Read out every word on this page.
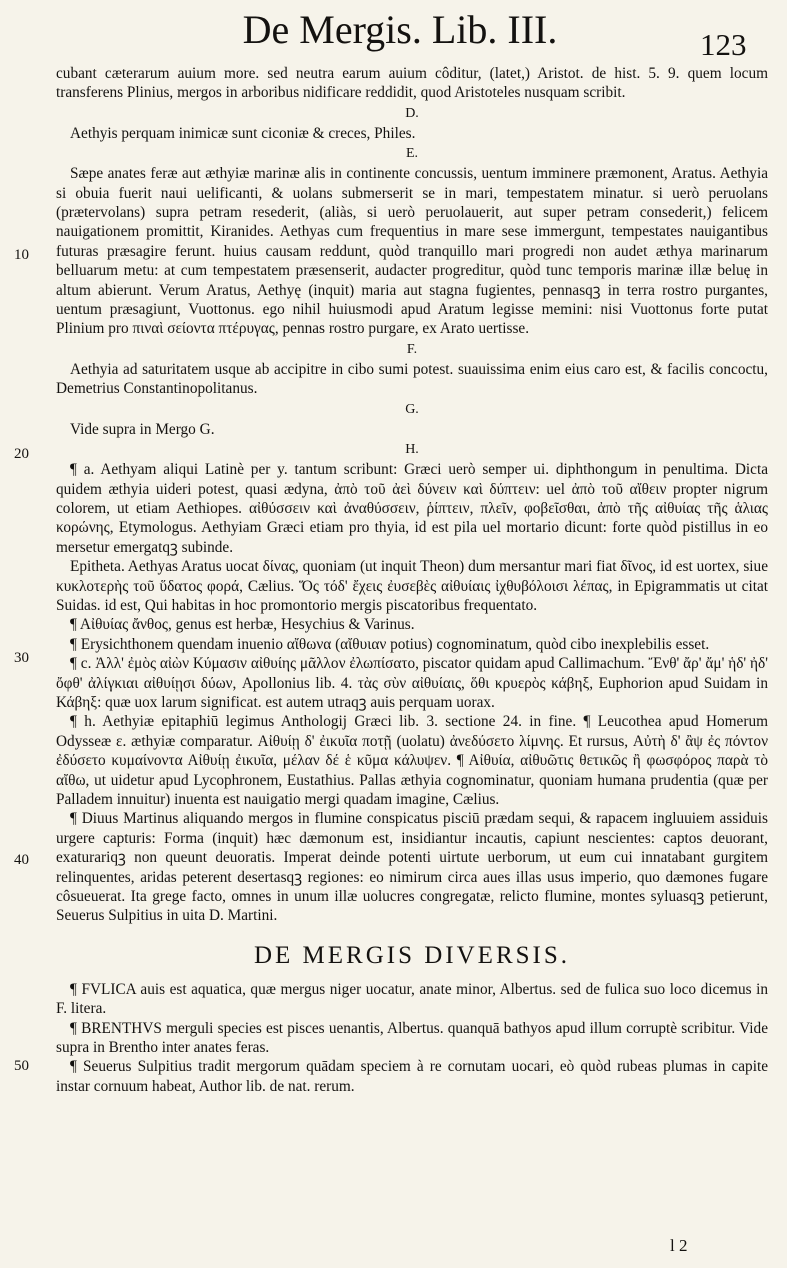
De Mergis. Lib. III.	123
10
20
30
40
50

cubant cæterarum auium more. sed neutra earum auium côditur, (latet,) Aristot. de hist. 5. 9. quem locum transferens Plinius, mergos in arboribus nidificare reddidit, quod Aristoteles nusquam scribit.

D.

Aethyis perquam inimicæ sunt ciconiæ & creces, Philes.

E.

Sæpe anates feræ aut æthyiæ marinæ alis in continente concussis, uentum imminere præmonent, Aratus. Aethyia si obuia fuerit naui uelificanti, & uolans submerserit se in mari, tempestatem minatur. si uerò peruolans (prætervolans) supra petram resederit, (aliàs, si uerò peruolauerit, aut super petram consederit,) felicem nauigationem promittit, Kiranides. Aethyas cum frequentius in mare sese immergunt, tempestates nauigantibus futuras præsagire ferunt. huius causam reddunt, quòd tranquillo mari progredi non audet æthya marinarum belluarum metu: at cum tempestatem præsenserit, audacter progreditur, quòd tunc temporis marinæ illæ beluę in altum abierunt. Verum Aratus, Aethyę (inquit) maria aut stagna fugientes, pennasqꝫ in terra rostro purgantes, uentum præsagiunt, Vuottonus. ego nihil huiusmodi apud Aratum legisse memini: nisi Vuottonus forte putat Plinium pro πιναὶ σείοντα πτέρυγας, pennas rostro purgare, ex Arato uertisse.

F.

Aethyia ad saturitatem usque ab accipitre in cibo sumi potest. suauissima enim eius caro est, & facilis concoctu, Demetrius Constantinopolitanus.

G.

Vide supra in Mergo G.

H.

¶ a. Aethyam aliqui Latinè per y. tantum scribunt: Græci uerò semper ui. diphthongum in penultima. Dicta quidem æthyia uideri potest, quasi ædyna, ἀπὸ τοῦ ἀεὶ δύνειν καὶ δύπτειν: uel ἀπὸ τοῦ αἴθειν propter nigrum colorem, ut etiam Aethiopes. αἰθύσσειν καὶ ἀναθύσσειν, ῥίπτειν, πλεῖν, φοβεῖσθαι, ἀπὸ τῆς αἰθυίας τῆς ἁλιας κορώνης, Etymologus. Aethyiam Græci etiam pro thyia, id est pila uel mortario dicunt: forte quòd pistillus in eo mersetur emergatqꝫ subinde.

Epitheta. Aethyas Aratus uocat δίνας, quoniam (ut inquit Theon) dum mersantur mari fiat δῖνος, id est uortex, siue κυκλοτερὴς τοῦ ὕδατος φορά, Cælius. Ὅς τόδ' ἔχεις ἐυσεβὲς αἰθυίαις ἰχθυβόλοισι λέπας, in Epigrammatis ut citat Suidas. id est, Qui habitas in hoc promontorio mergis piscatoribus frequentato.

¶ Αἰθυίας ἄνθος, genus est herbæ, Hesychius & Varinus.

¶ Erysichthonem quendam inuenio αἴθωνα (αἴθυιαν potius) cognominatum, quòd cibo inexplebilis esset.

¶ c. Ἀλλ' ἐμὸς αἰὼν Κύμασιν αἰθυίης μᾶλλον ἐλωπίσατο, piscator quidam apud Callimachum. Ἔνθ' ἄρ' ἄμ' ἡδ' ἠδ' ὄφθ' ἀλίγκιαι αἰθυίῃσι δύων, Apollonius lib. 4. τὰς σὺν αἰθυίαις, ὅθι κρυερὸς κάβηξ, Euphorion apud Suidam in Κάβηξ: quæ uox larum significat. est autem utraqꝫ auis perquam uorax.

¶ h. Aethyiæ epitaphiū legimus Anthologij Græci lib. 3. sectione 24. in fine. ¶ Leucothea apud Homerum Odysseæ ε. æthyiæ comparatur. Αἰθυίῃ δ' ἐικυῖα ποτῇ (uolatu) ἀνεδύσετο λίμνης. Et rursus, Αὐτὴ δ' ἂψ ἐς πόντον ἐδύσετο κυμαίνοντα Αἰθυίῃ ἐικυῖα, μέλαν δέ ἑ κῦμα κάλυψεν. ¶ Αἰθυία, αἰθυῶτις θετικῶς ἢ φωσφόρος παρὰ τὸ αἴθω, ut uidetur apud Lycophronem, Eustathius. Pallas æthyia cognominatur, quoniam humana prudentia (quæ per Palladem innuitur) inuenta est nauigatio mergi quadam imagine, Cælius.

¶ Diuus Martinus aliquando mergos in flumine conspicatus pisciū prædam sequi, & rapacem ingluuiem assiduis urgere capturis: Forma (inquit) hæc dæmonum est, insidiantur incautis, capiunt nescientes: captos deuorant, exaturariqꝫ non queunt deuoratis. Imperat deinde potenti uirtute uerborum, ut eum cui innatabant gurgitem relinquentes, aridas peterent desertasqꝫ regiones: eo nimirum circa aues illas usus imperio, quo dæmones fugare côsueuerat. Ita grege facto, omnes in unum illæ uolucres congregatæ, relicto flumine, montes syluasqꝫ petierunt, Seuerus Sulpitius in uita D. Martini.

DE MERGIS DIVERSIS.

¶ FVLICA auis est aquatica, quæ mergus niger uocatur, anate minor, Albertus. sed de fulica suo loco dicemus in F. litera.

¶ BRENTHVS merguli species est pisces uenantis, Albertus. quanquā bathyos apud illum corruptè scribitur. Vide supra in Brentho inter anates feras.

¶ Seuerus Sulpitius tradit mergorum quādam speciem à re cornutam uocari, eò quòd rubeas plumas in capite instar cornuum habeat, Author lib. de nat. rerum.

l 2
